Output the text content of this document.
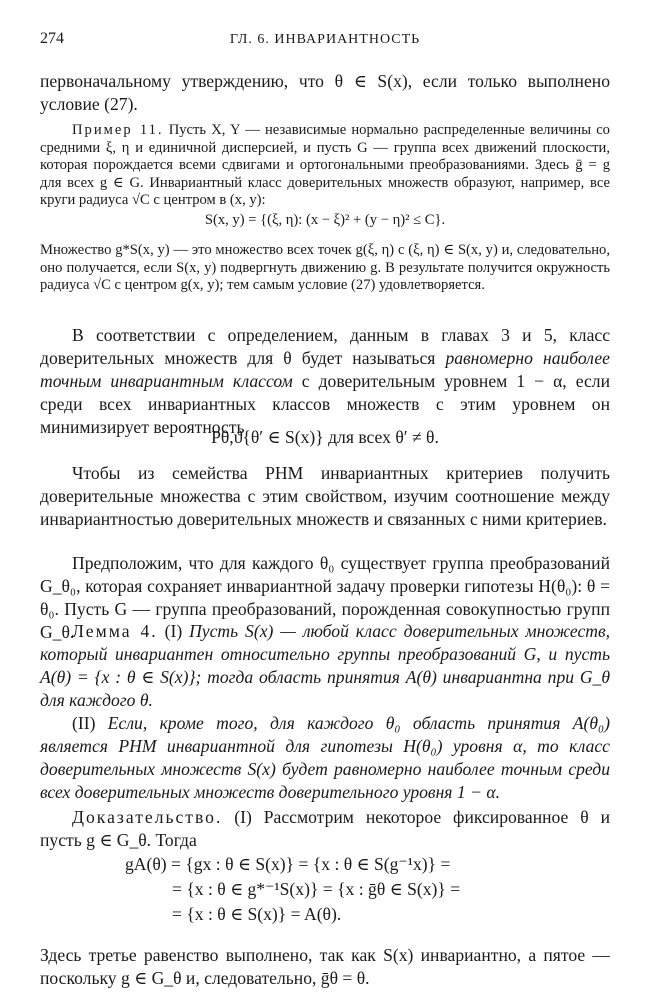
274	ГЛ. 6. ИНВАРИАНТНОСТЬ

первоначальному утверждению, что θ ∈ S(x), если только выполнено условие (27).

Пример 11. Пусть X, Y — независимые нормально распределенные величины со средними ξ, η и единичной дисперсией, и пусть G — группа всех движений плоскости, которая порождается всеми сдвигами и ортогональными преобразованиями. Здесь ḡ = g для всех g ∈ G. Инвариантный класс доверительных множеств образуют, например, все круги радиуса √C с центром в (x, y):
S(x, y) = {(ξ, η): (x − ξ)² + (y − η)² ≤ C}.

Множество g*S(x, y) — это множество всех точек g(ξ, η) с (ξ, η) ∈ S(x, y) и, следовательно, оно получается, если S(x, y) подвергнуть движению g. В результате получится окружность радиуса √C с центром g(x, y); тем самым условие (27) удовлетворяется.

В соответствии с определением, данным в главах 3 и 5, класс доверительных множеств для θ будет называться равномерно наиболее точным инвариантным классом с доверительным уровнем 1 − α, если среди всех инвариантных классов множеств с этим уровнем он минимизирует вероятность
Pθ,ϑ{θ′ ∈ S(x)} для всех θ′ ≠ θ.

Чтобы из семейства РНМ инвариантных критериев получить доверительные множества с этим свойством, изучим соотношение между инвариантностью доверительных множеств и связанных с ними критериев.

Предположим, что для каждого θ₀ существует группа преобразований G_θ₀, которая сохраняет инвариантной задачу проверки гипотезы H(θ₀): θ = θ₀. Пусть G — группа преобразований, порожденная совокупностью групп G_θ.

Лемма 4. (I) Пусть S(x) — любой класс доверительных множеств, который инвариантен относительно группы преобразований G, и пусть A(θ) = {x : θ ∈ S(x)}; тогда область принятия A(θ) инвариантна при G_θ для каждого θ.
(II) Если, кроме того, для каждого θ₀ область принятия A(θ₀) является РНМ инвариантной для гипотезы H(θ₀) уровня α, то класс доверительных множеств S(x) будет равномерно наиболее точным среди всех доверительных множеств доверительного уровня 1 − α.
Доказательство. (I) Рассмотрим некоторое фиксированное θ и пусть g ∈ G_θ. Тогда
gA(θ) = {gx : θ ∈ S(x)} = {x : θ ∈ S(g⁻¹x)} =
= {x : θ ∈ g*⁻¹S(x)} = {x : ḡθ ∈ S(x)} =
= {x : θ ∈ S(x)} = A(θ).

Здесь третье равенство выполнено, так как S(x) инвариантно, а пятое — поскольку g ∈ G_θ и, следовательно, ḡθ = θ.
